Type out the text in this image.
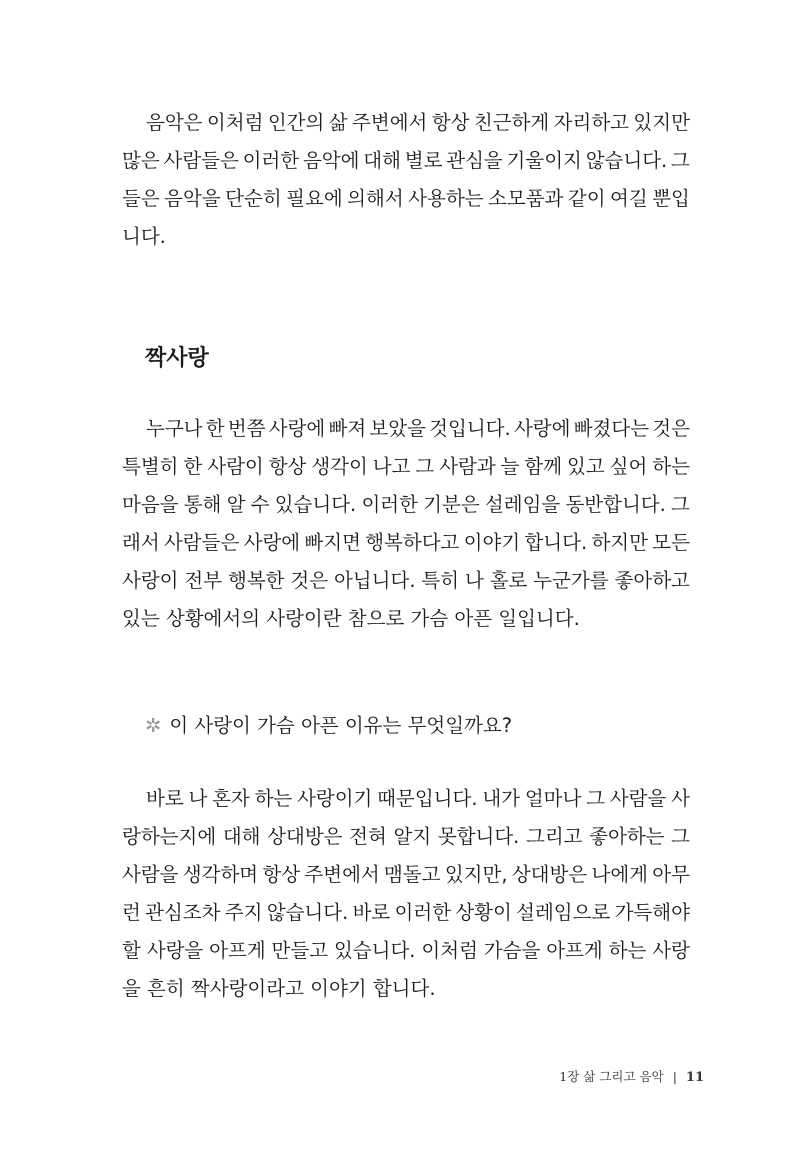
음악은 이처럼 인간의 삶 주변에서 항상 친근하게 자리하고 있지만
많은 사람들은 이러한 음악에 대해 별로 관심을 기울이지 않습니다. 그
들은 음악을 단순히 필요에 의해서 사용하는 소모품과 같이 여길 뿐입
니다.
짝사랑
누구나 한 번쯤 사랑에 빠져 보았을 것입니다. 사랑에 빠졌다는 것은
특별히 한 사람이 항상 생각이 나고 그 사람과 늘 함께 있고 싶어 하는
마음을 통해 알 수 있습니다. 이러한 기분은 설레임을 동반합니다. 그
래서 사람들은 사랑에 빠지면 행복하다고 이야기 합니다. 하지만 모든
사랑이 전부 행복한 것은 아닙니다. 특히 나 홀로 누군가를 좋아하고
있는 상황에서의 사랑이란 참으로 가슴 아픈 일입니다.

✲ 이 사랑이 가슴 아픈 이유는 무엇일까요?

바로 나 혼자 하는 사랑이기 때문입니다. 내가 얼마나 그 사람을 사
랑하는지에 대해 상대방은 전혀 알지 못합니다. 그리고 좋아하는 그
사람을 생각하며 항상 주변에서 맴돌고 있지만, 상대방은 나에게 아무
런 관심조차 주지 않습니다. 바로 이러한 상황이 설레임으로 가득해야
할 사랑을 아프게 만들고 있습니다. 이처럼 가슴을 아프게 하는 사랑
을 흔히 짝사랑이라고 이야기 합니다.
1장 삶 그리고 음악 | 11
